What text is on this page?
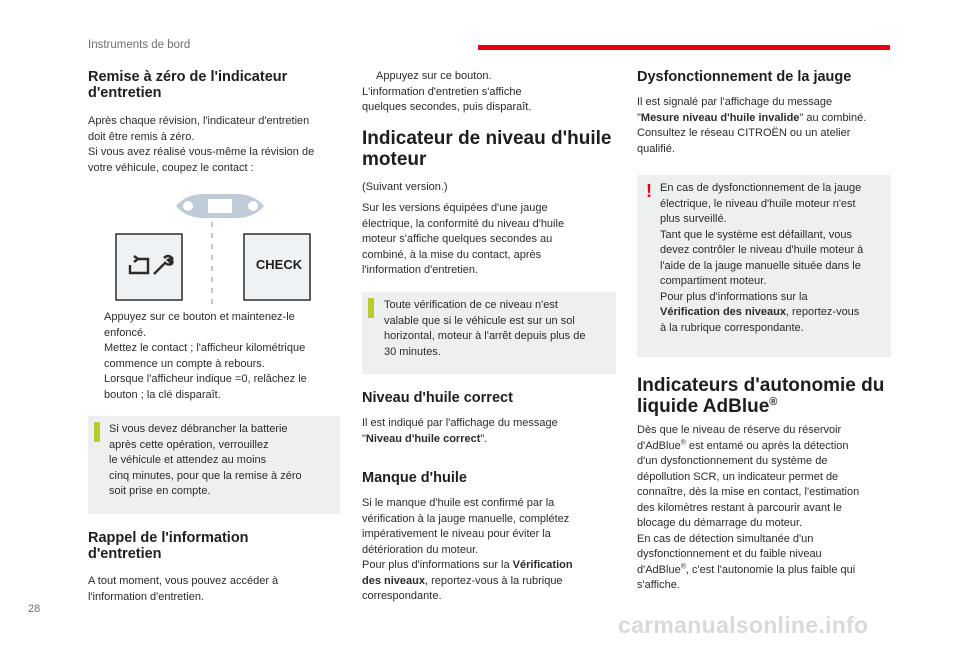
Instruments de bord
Remise à zéro de l'indicateur
d'entretien
Après chaque révision, l'indicateur d'entretien
doit être remis à zéro.
Si vous avez réalisé vous-même la révision de
votre véhicule, coupez le contact :
CHECK
Appuyez sur ce bouton et maintenez-le
enfoncé.
Mettez le contact ; l'afficheur kilométrique
commence un compte à rebours.
Lorsque l'afficheur indique =0, relâchez le
bouton ; la clé disparaît.
Si vous devez débrancher la batterie
après cette opération, verrouillez
le véhicule et attendez au moins
cinq minutes, pour que la remise à zéro
soit prise en compte.
Rappel de l'information
d'entretien
A tout moment, vous pouvez accéder à
l'information d'entretien.
Appuyez sur ce bouton.
L'information d'entretien s'affiche
quelques secondes, puis disparaît.
Indicateur de niveau d'huile
moteur
(Suivant version.)
Sur les versions équipées d'une jauge
électrique, la conformité du niveau d'huile
moteur s'affiche quelques secondes au
combiné, à la mise du contact, après
l'information d'entretien.
Toute vérification de ce niveau n'est
valable que si le véhicule est sur un sol
horizontal, moteur à l'arrêt depuis plus de
30 minutes.
Niveau d'huile correct
Il est indiqué par l'affichage du message
"Niveau d'huile correct".
Manque d'huile
Si le manque d'huile est confirmé par la
vérification à la jauge manuelle, complétez
impérativement le niveau pour éviter la
détérioration du moteur.
Pour plus d'informations sur la Vérification
des niveaux, reportez-vous à la rubrique
correspondante.
Dysfonctionnement de la jauge
Il est signalé par l'affichage du message
"Mesure niveau d'huile invalide" au combiné.
Consultez le réseau CITROËN ou un atelier
qualifié.
! En cas de dysfonctionnement de la jauge
électrique, le niveau d'huile moteur n'est
plus surveillé.
Tant que le système est défaillant, vous
devez contrôler le niveau d'huile moteur à
l'aide de la jauge manuelle située dans le
compartiment moteur.
Pour plus d'informations sur la
Vérification des niveaux, reportez-vous
à la rubrique correspondante.
Indicateurs d'autonomie du
liquide AdBlue®
Dès que le niveau de réserve du réservoir
d'AdBlue® est entamé ou après la détection
d'un dysfonctionnement du système de
dépollution SCR, un indicateur permet de
connaître, dès la mise en contact, l'estimation
des kilomètres restant à parcourir avant le
blocage du démarrage du moteur.
En cas de détection simultanée d'un
dysfonctionnement et du faible niveau
d'AdBlue®, c'est l'autonomie la plus faible qui
s'affiche.
28
carmanualsonline.info
